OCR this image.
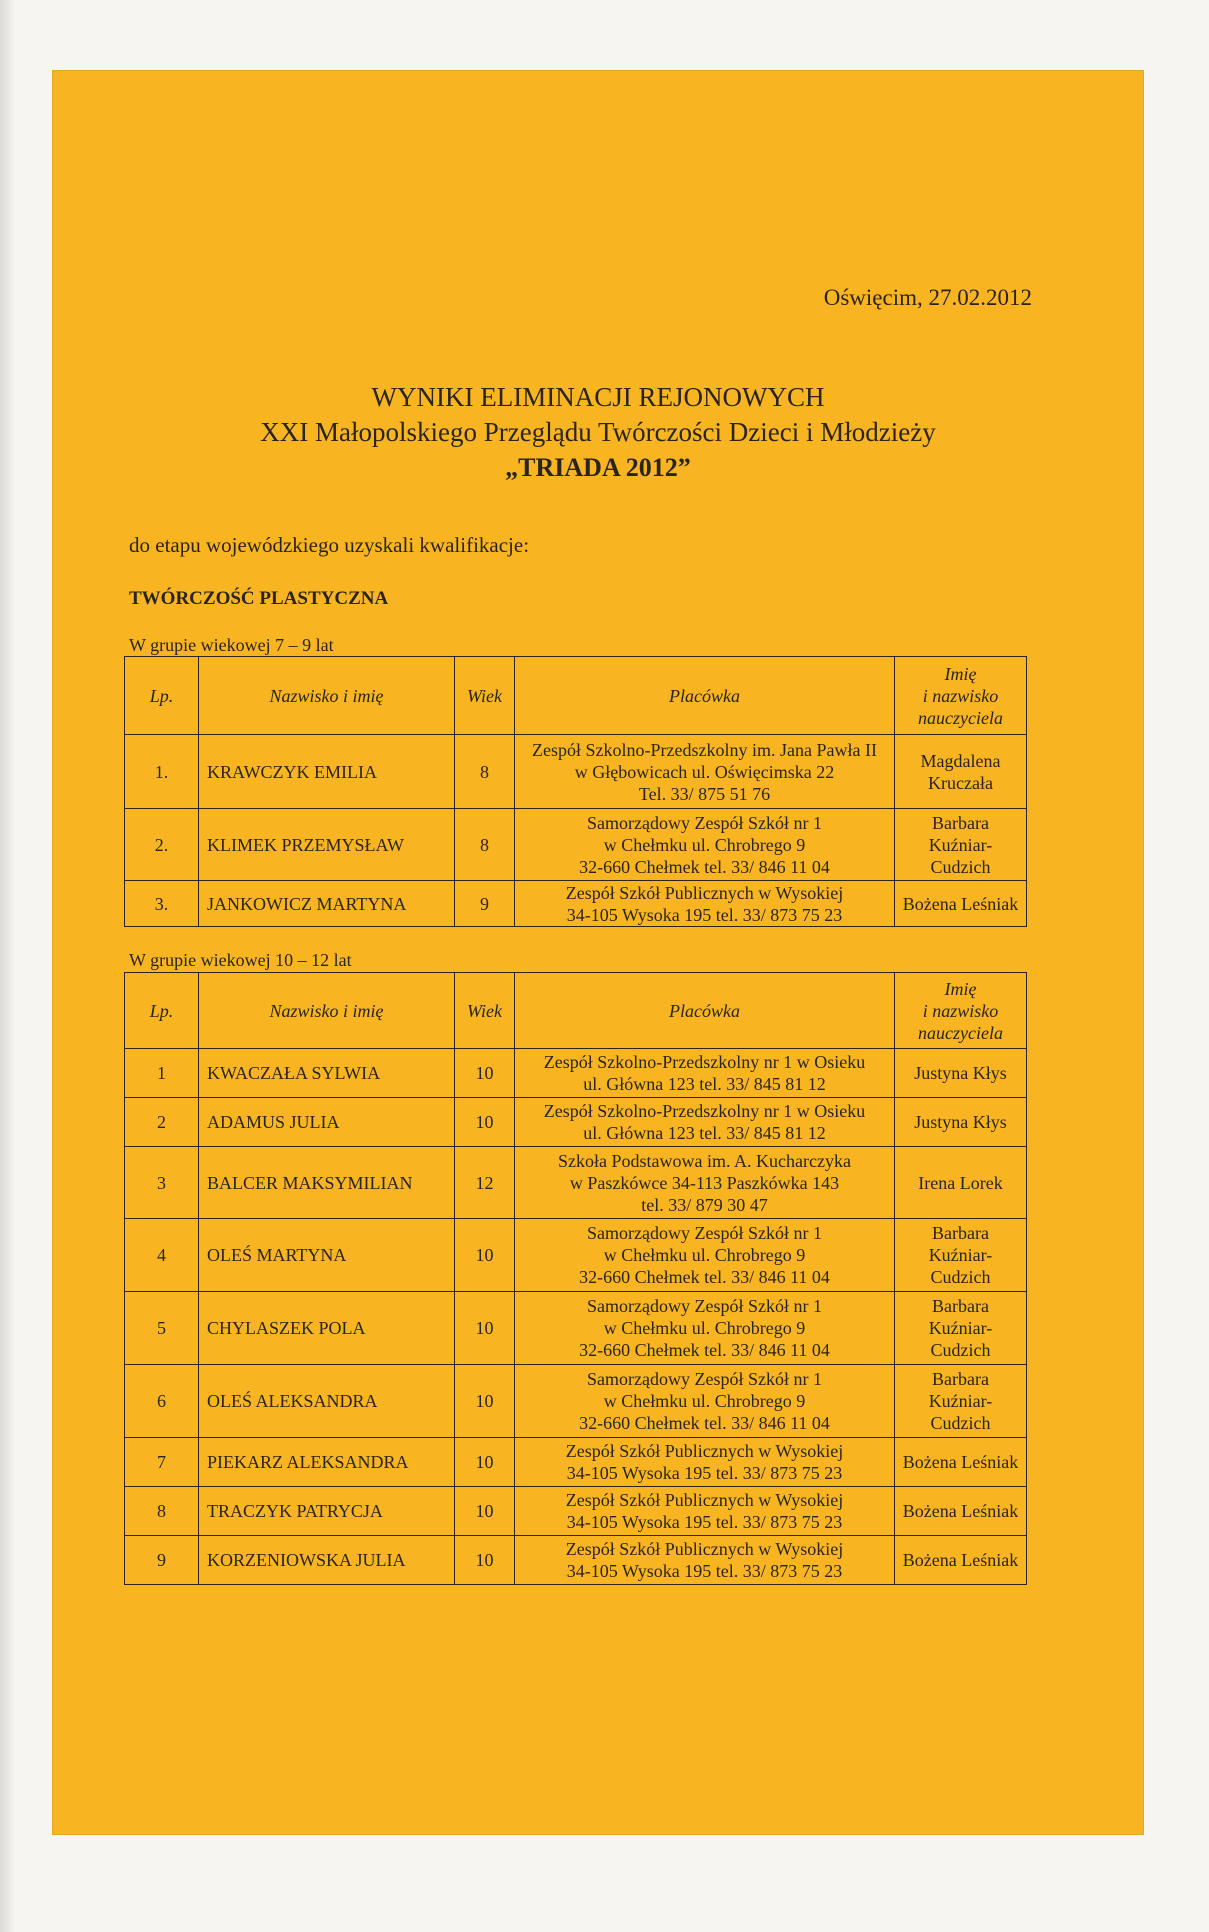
Oświęcim, 27.02.2012
WYNIKI ELIMINACJI REJONOWYCH
XXI Małopolskiego Przeglądu Twórczości Dzieci i Młodzieży
„TRIADA 2012”
do etapu wojewódzkiego uzyskali kwalifikacje:
TWÓRCZOŚĆ PLASTYCZNA
W grupie wiekowej 7 – 9 lat
Lp.	Nazwisko i imię	Wiek	Placówka	Imię
i nazwisko
nauczyciela
1.	KRAWCZYK EMILIA	8	Zespół Szkolno-Przedszkolny im. Jana Pawła II
w Głębowicach ul. Oświęcimska 22
Tel. 33/ 875 51 76	Magdalena
Kruczała
2.	KLIMEK PRZEMYSŁAW	8	Samorządowy Zespół Szkół nr 1
w Chełmku ul. Chrobrego 9
32-660 Chełmek tel. 33/ 846 11 04	Barbara
Kuźniar-
Cudzich
3.	JANKOWICZ MARTYNA	9	Zespół Szkół Publicznych w Wysokiej
34-105 Wysoka 195 tel. 33/ 873 75 23	Bożena Leśniak
W grupie wiekowej 10 – 12 lat
Lp.	Nazwisko i imię	Wiek	Placówka	Imię
i nazwisko
nauczyciela
1	KWACZAŁA SYLWIA	10	Zespół Szkolno-Przedszkolny nr 1 w Osieku
ul. Główna 123 tel. 33/ 845 81 12	Justyna Kłys
2	ADAMUS JULIA	10	Zespół Szkolno-Przedszkolny nr 1 w Osieku
ul. Główna 123 tel. 33/ 845 81 12	Justyna Kłys
3	BALCER MAKSYMILIAN	12	Szkoła Podstawowa im. A. Kucharczyka
w Paszkówce 34-113 Paszkówka 143
tel. 33/ 879 30 47	Irena Lorek
4	OLEŚ MARTYNA	10	Samorządowy Zespół Szkół nr 1
w Chełmku ul. Chrobrego 9
32-660 Chełmek tel. 33/ 846 11 04	Barbara
Kuźniar-
Cudzich
5	CHYLASZEK POLA	10	Samorządowy Zespół Szkół nr 1
w Chełmku ul. Chrobrego 9
32-660 Chełmek tel. 33/ 846 11 04	Barbara
Kuźniar-
Cudzich
6	OLEŚ ALEKSANDRA	10	Samorządowy Zespół Szkół nr 1
w Chełmku ul. Chrobrego 9
32-660 Chełmek tel. 33/ 846 11 04	Barbara
Kuźniar-
Cudzich
7	PIEKARZ ALEKSANDRA	10	Zespół Szkół Publicznych w Wysokiej
34-105 Wysoka 195 tel. 33/ 873 75 23	Bożena Leśniak
8	TRACZYK PATRYCJA	10	Zespół Szkół Publicznych w Wysokiej
34-105 Wysoka 195 tel. 33/ 873 75 23	Bożena Leśniak
9	KORZENIOWSKA JULIA	10	Zespół Szkół Publicznych w Wysokiej
34-105 Wysoka 195 tel. 33/ 873 75 23	Bożena Leśniak
